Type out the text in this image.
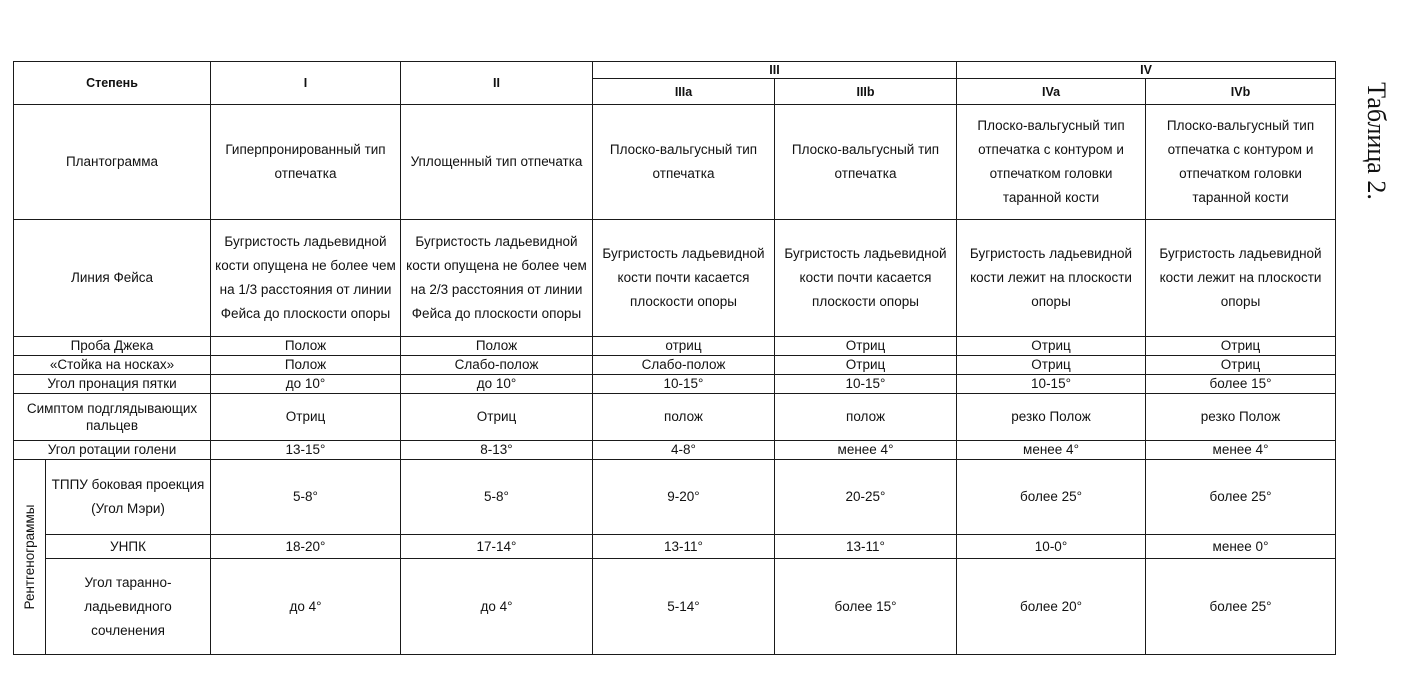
Степень		I	II	III		IV	
				IIIa	IIIb	IVa	IVb
Плантограмма		Гиперпронированный тип отпечатка	Уплощенный тип отпечатка	Плоско-вальгусный тип отпечатка	Плоско-вальгусный тип отпечатка	Плоско-вальгусный тип отпечатка с контуром и отпечатком головки таранной кости	Плоско-вальгусный тип отпечатка с контуром и отпечатком головки таранной кости
Линия Фейса		Бугристость ладьевидной кости опущена не более чем на 1/3 расстояния от линии Фейса до плоскости опоры	Бугристость ладьевидной кости опущена не более чем на 2/3 расстояния от линии Фейса до плоскости опоры	Бугристость ладьевидной кости почти касается плоскости опоры	Бугристость ладьевидной кости почти касается плоскости опоры	Бугристость ладьевидной кости лежит на плоскости опоры	Бугристость ладьевидной кости лежит на плоскости опоры
Проба Джека		Полож	Полож	отриц	Отриц	Отриц	Отриц
«Стойка на носках»		Полож	Слабо-полож	Слабо-полож	Отриц	Отриц	Отриц
Угол пронация пятки		до 10°	до 10°	10-15°	10-15°	10-15°	более 15°
Симптом подглядывающих пальцев		Отриц	Отриц	полож	полож	резко Полож	резко Полож
Угол ротации голени		13-15°	8-13°	4-8°	менее 4°	менее 4°	менее 4°

Рентгенограммы	ТППУ боковая проекция (Угол Мэри)	5-8°	5-8°	9-20°	20-25°	более 25°	более 25°
	УНПК	18-20°	17-14°	13-11°	13-11°	10-0°	менее 0°
	Угол таранно-ладьевидного сочленения	до 4°	до 4°	5-14°	более 15°	более 20°	более 25°
Таблица 2.
